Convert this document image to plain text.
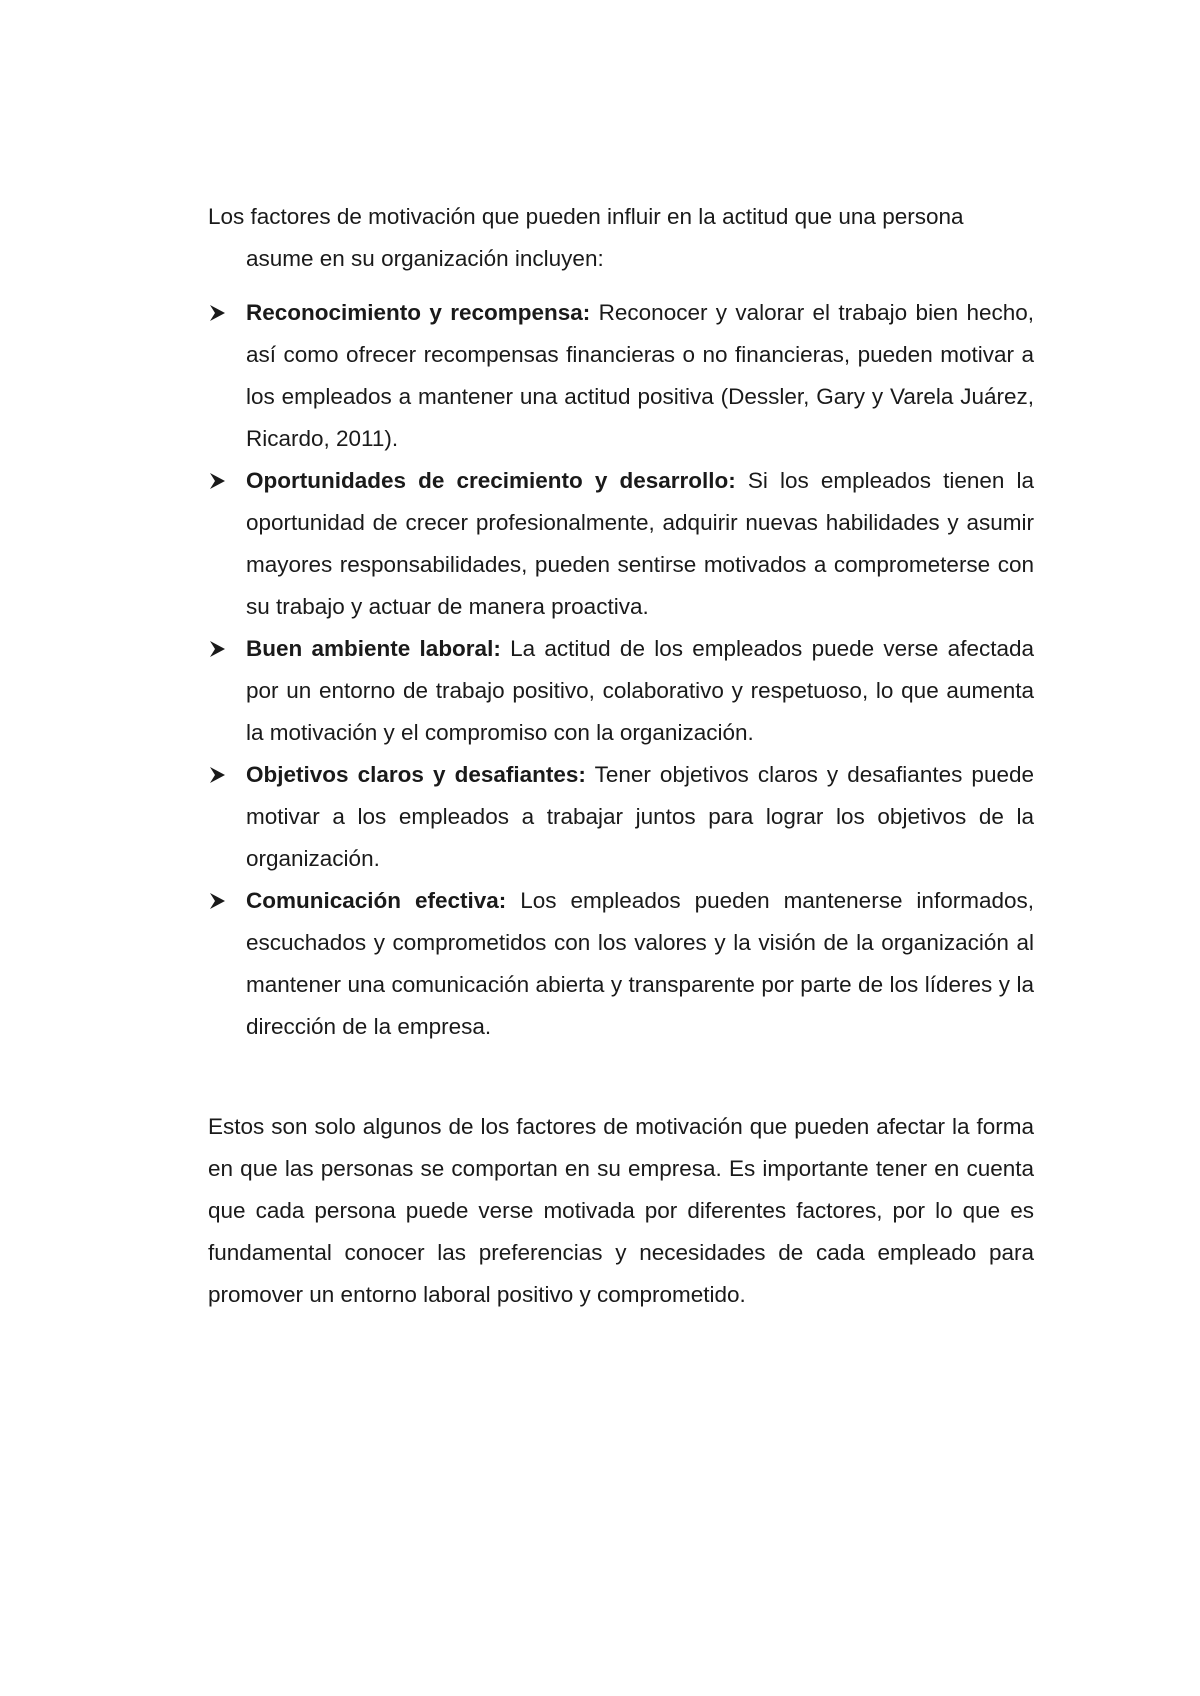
Los factores de motivación que pueden influir en la actitud que una persona asume en su organización incluyen:

Reconocimiento y recompensa: Reconocer y valorar el trabajo bien hecho, así como ofrecer recompensas financieras o no financieras, pueden motivar a los empleados a mantener una actitud positiva (Dessler, Gary y Varela Juárez, Ricardo, 2011).
Oportunidades de crecimiento y desarrollo: Si los empleados tienen la oportunidad de crecer profesionalmente, adquirir nuevas habilidades y asumir mayores responsabilidades, pueden sentirse motivados a comprometerse con su trabajo y actuar de manera proactiva.
Buen ambiente laboral: La actitud de los empleados puede verse afectada por un entorno de trabajo positivo, colaborativo y respetuoso, lo que aumenta la motivación y el compromiso con la organización.
Objetivos claros y desafiantes: Tener objetivos claros y desafiantes puede motivar a los empleados a trabajar juntos para lograr los objetivos de la organización.
Comunicación efectiva: Los empleados pueden mantenerse informados, escuchados y comprometidos con los valores y la visión de la organización al mantener una comunicación abierta y transparente por parte de los líderes y la dirección de la empresa.

Estos son solo algunos de los factores de motivación que pueden afectar la forma en que las personas se comportan en su empresa. Es importante tener en cuenta que cada persona puede verse motivada por diferentes factores, por lo que es fundamental conocer las preferencias y necesidades de cada empleado para promover un entorno laboral positivo y comprometido.
